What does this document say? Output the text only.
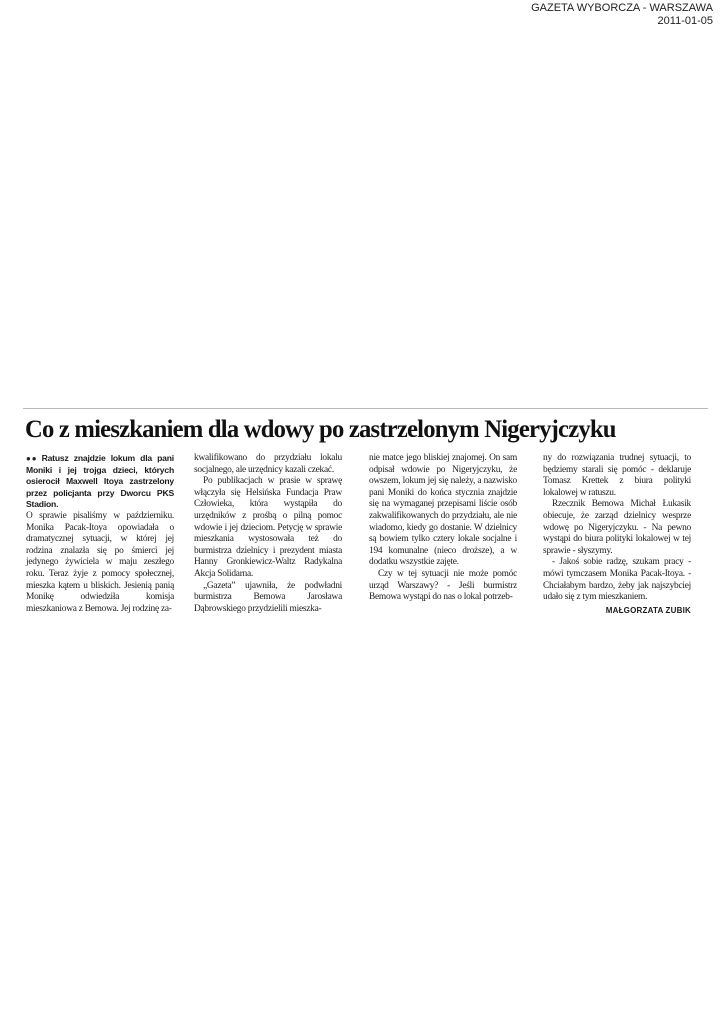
GAZETA WYBORCZA - WARSZAWA
2011-01-05
Co z mieszkaniem dla wdowy po zastrzelonym Nigeryjczyku

●● Ratusz znajdzie lokum dla pani Moniki i jej trojga dzieci, których osierocił Maxwell Itoya zastrzelony przez policjanta przy Dworcu PKS Stadion.

O sprawie pisaliśmy w październiku. Monika Pacak-Itoya opowiadała o dramatycznej sytuacji, w której jej rodzina znalazła się po śmierci jej jedynego żywiciela w maju zeszłego roku. Teraz żyje z pomocy społecznej, mieszka kątem u bliskich. Jesienią panią Monikę odwiedziła komisja mieszkaniowa z Bemowa. Jej rodzinę za-

kwalifikowano do przydziału lokalu socjalnego, ale urzędnicy kazali czekać.

Po publikacjach w prasie w sprawę włączyła się Helsińska Fundacja Praw Człowieka, która wystąpiła do urzędników z prośbą o pilną pomoc wdowie i jej dzieciom. Petycję w sprawie mieszkania wystosowała też do burmistrza dzielnicy i prezydent miasta Hanny Gronkiewicz-Waltz Radykalna Akcja Solidarna.

„Gazeta” ujawniła, że podwładni burmistrza Bemowa Jarosława Dąbrowskiego przydzielili mieszka-

nie matce jego bliskiej znajomej. On sam odpisał wdowie po Nigeryjczyku, że owszem, lokum jej się należy, a nazwisko pani Moniki do końca stycznia znajdzie się na wymaganej przepisami liście osób zakwalifikowanych do przydziału, ale nie wiadomo, kiedy go dostanie. W dzielnicy są bowiem tylko cztery lokale socjalne i 194 komunalne (nieco droższe), a w dodatku wszystkie zajęte.

Czy w tej sytuacji nie może pomóc urząd Warszawy? - Jeśli burmistrz Bemowa wystąpi do nas o lokal potrzeb-

ny do rozwiązania trudnej sytuacji, to będziemy starali się pomóc - deklaruje Tomasz Krettek z biura polityki lokalowej w ratuszu.

Rzecznik Bemowa Michał Łukasik obiecuje, że zarząd dzielnicy wesprze wdowę po Nigeryjczyku. - Na pewno wystąpi do biura polityki lokalowej w tej sprawie - słyszymy.

- Jakoś sobie radzę, szukam pracy - mówi tymczasem Monika Pacak-Itoya. - Chciałabym bardzo, żeby jak najszybciej udało się z tym mieszkaniem.

MAŁGORZATA ZUBIK
